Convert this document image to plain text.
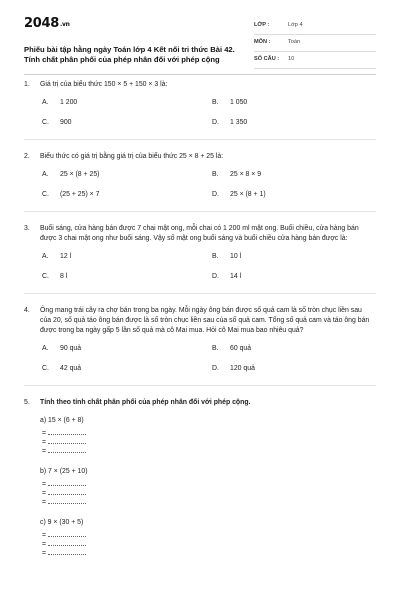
2048.vn
Phiếu bài tập hằng ngày Toán lớp 4 Kết nối tri thức Bài 42. Tính chất phân phối của phép nhân đối với phép cộng
LỚP :	Lớp 4
MÔN :	Toán
SỐ CÂU : 10
1. Giá trị của biểu thức 150 × 5 + 150 × 3 là:
A.	1 200	B.	1 050
C.	900	D.	1 350
2. Biểu thức có giá trị bằng giá trị của biểu thức 25 × 8 + 25 là:
A.	25 × (8 + 25)	B.	25 × 8 × 9
C.	(25 + 25) × 7	D.	25 × (8 + 1)
3. Buổi sáng, cửa hàng bán được 7 chai mật ong, mỗi chai có 1 200 ml mật ong. Buổi chiều, cửa hàng bán được 3 chai mật ong như buổi sáng. Vậy số mật ong buổi sáng và buổi chiều cửa hàng bán được là:
A.	12 l	B.	10 l
C.	8 l	D.	14 l
4. Ông mang trái cây ra chợ bán trong ba ngày. Mỗi ngày ông bán được số quả cam là số tròn chục liền sau của 20, số quả táo ông bán được là số tròn chục liền sau của số quả cam. Tổng số quả cam và táo ông bán được trong ba ngày gấp 5 lần số quả mà cô Mai mua. Hỏi cô Mai mua bao nhiêu quả?
A.	90 quả	B.	60 quả
C.	42 quả	D.	120 quả
5. Tính theo tính chất phân phối của phép nhân đối với phép cộng.
a) 15 × (6 + 8)
=
=
=
b) 7 × (25 + 10)
=
=
=
c) 9 × (30 + 5)
=
=
=
